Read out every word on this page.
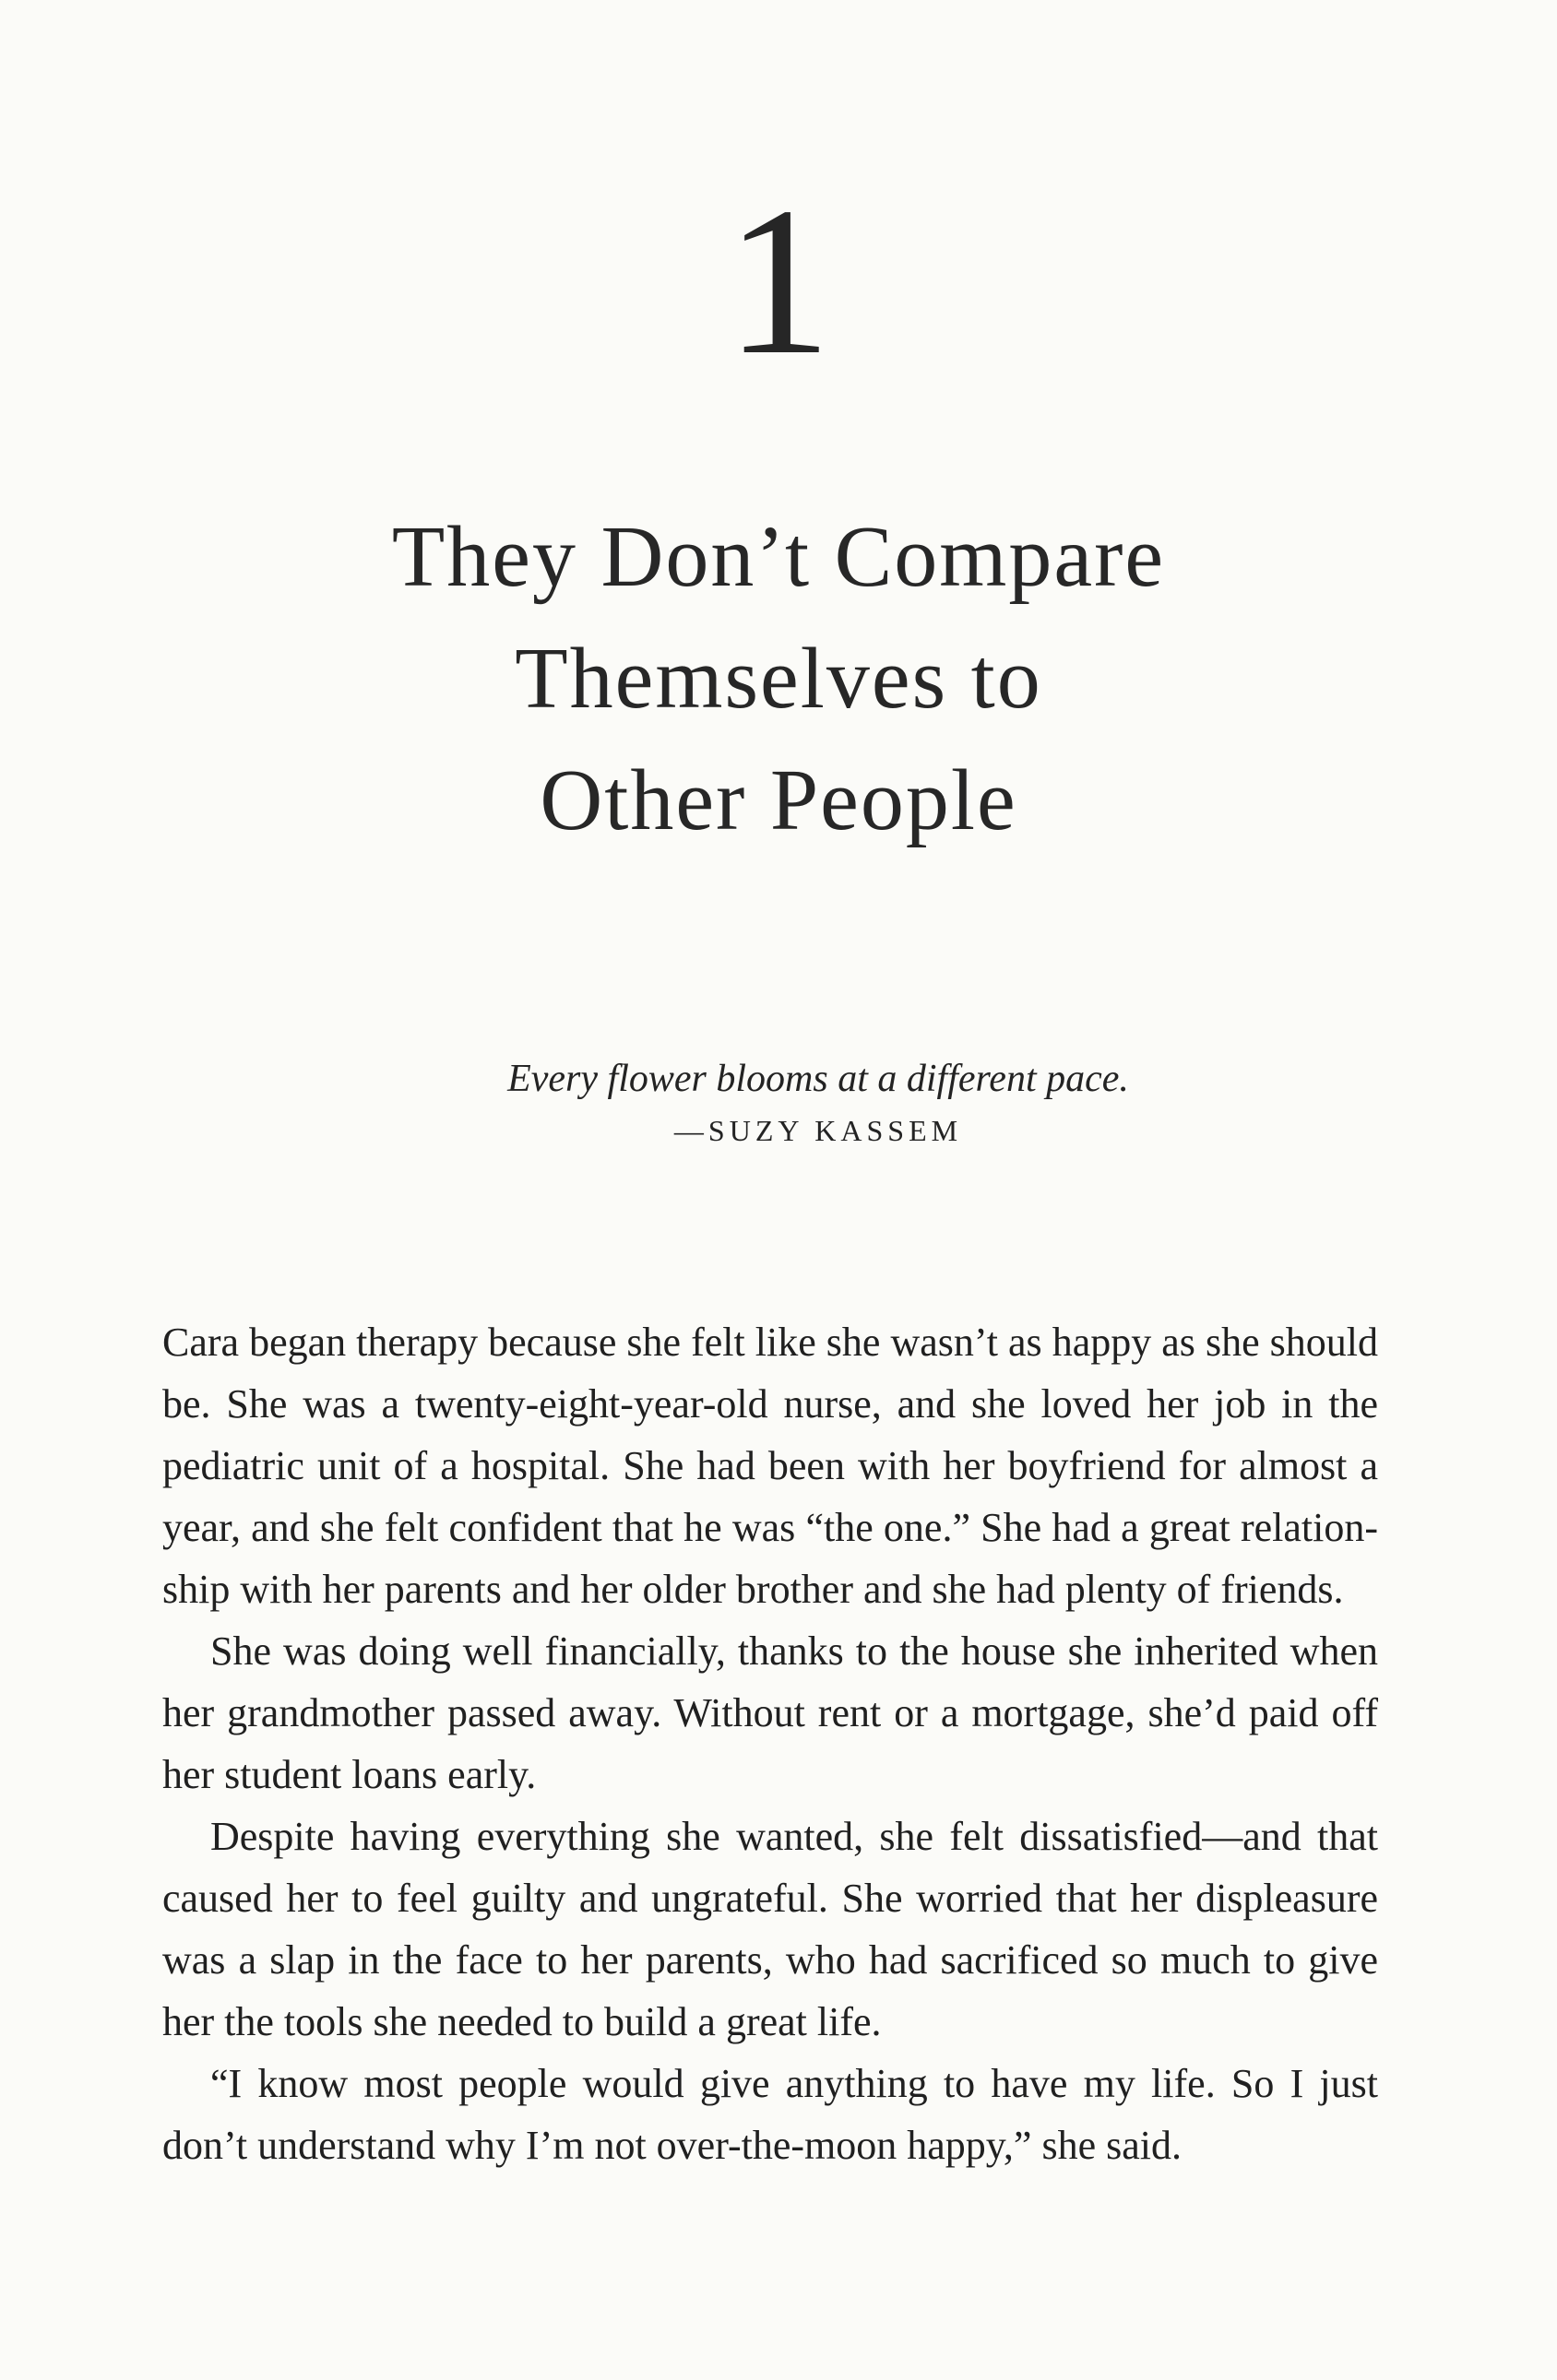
1
They Don’t Compare
Themselves to
Other People

Every flower blooms at a different pace.

—SUZY KASSEM

Cara began therapy because she felt like she wasn’t as happy as she should be. She was a twenty-eight-year-old nurse, and she loved her job in the pediatric unit of a hospital. She had been with her boyfriend for almost a year, and she felt confident that he was “the one.” She had a great relationship with her parents and her older brother and she had plenty of friends.

She was doing well financially, thanks to the house she inherited when her grandmother passed away. Without rent or a mortgage, she’d paid off her student loans early.

Despite having everything she wanted, she felt dissatisfied—and that caused her to feel guilty and ungrateful. She worried that her displeasure was a slap in the face to her parents, who had sacrificed so much to give her the tools she needed to build a great life.

“I know most people would give anything to have my life. So I just don’t understand why I’m not over-the-moon happy,” she said.
